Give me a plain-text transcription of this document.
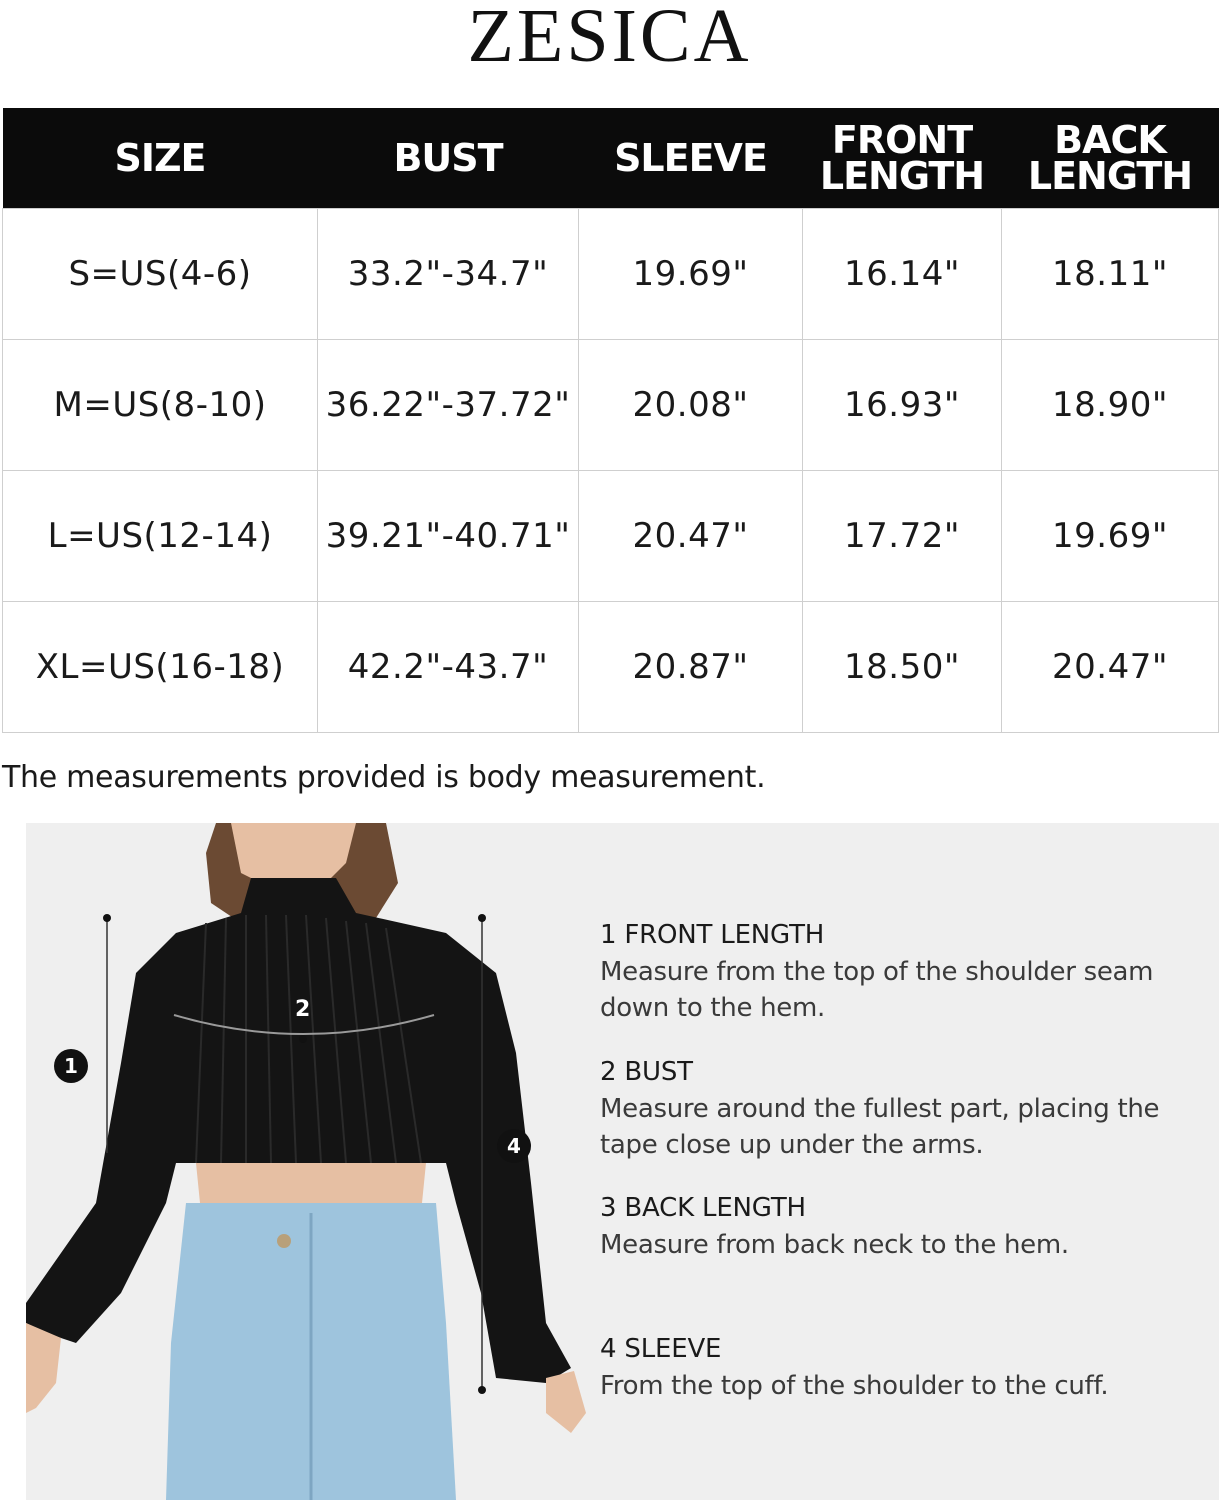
ZESICA
SIZE	BUST	SLEEVE	FRONT LENGTH	BACK LENGTH
S=US(4-6)	33.2"-34.7"	19.69"	16.14"	18.11"
M=US(8-10)	36.22"-37.72"	20.08"	16.93"	18.90"
L=US(12-14)	39.21"-40.71"	20.47"	17.72"	19.69"
XL=US(16-18)	42.2"-43.7"	20.87"	18.50"	20.47"
The measurements provided is body measurement.
1
2
4
1 FRONT LENGTH
Measure from the top of the shoulder seam down to the hem.
2 BUST
Measure around the fullest part, placing the tape close up under the arms.
3 BACK LENGTH
Measure from back neck to the hem.
4 SLEEVE
From the top of the shoulder to the cuff.
